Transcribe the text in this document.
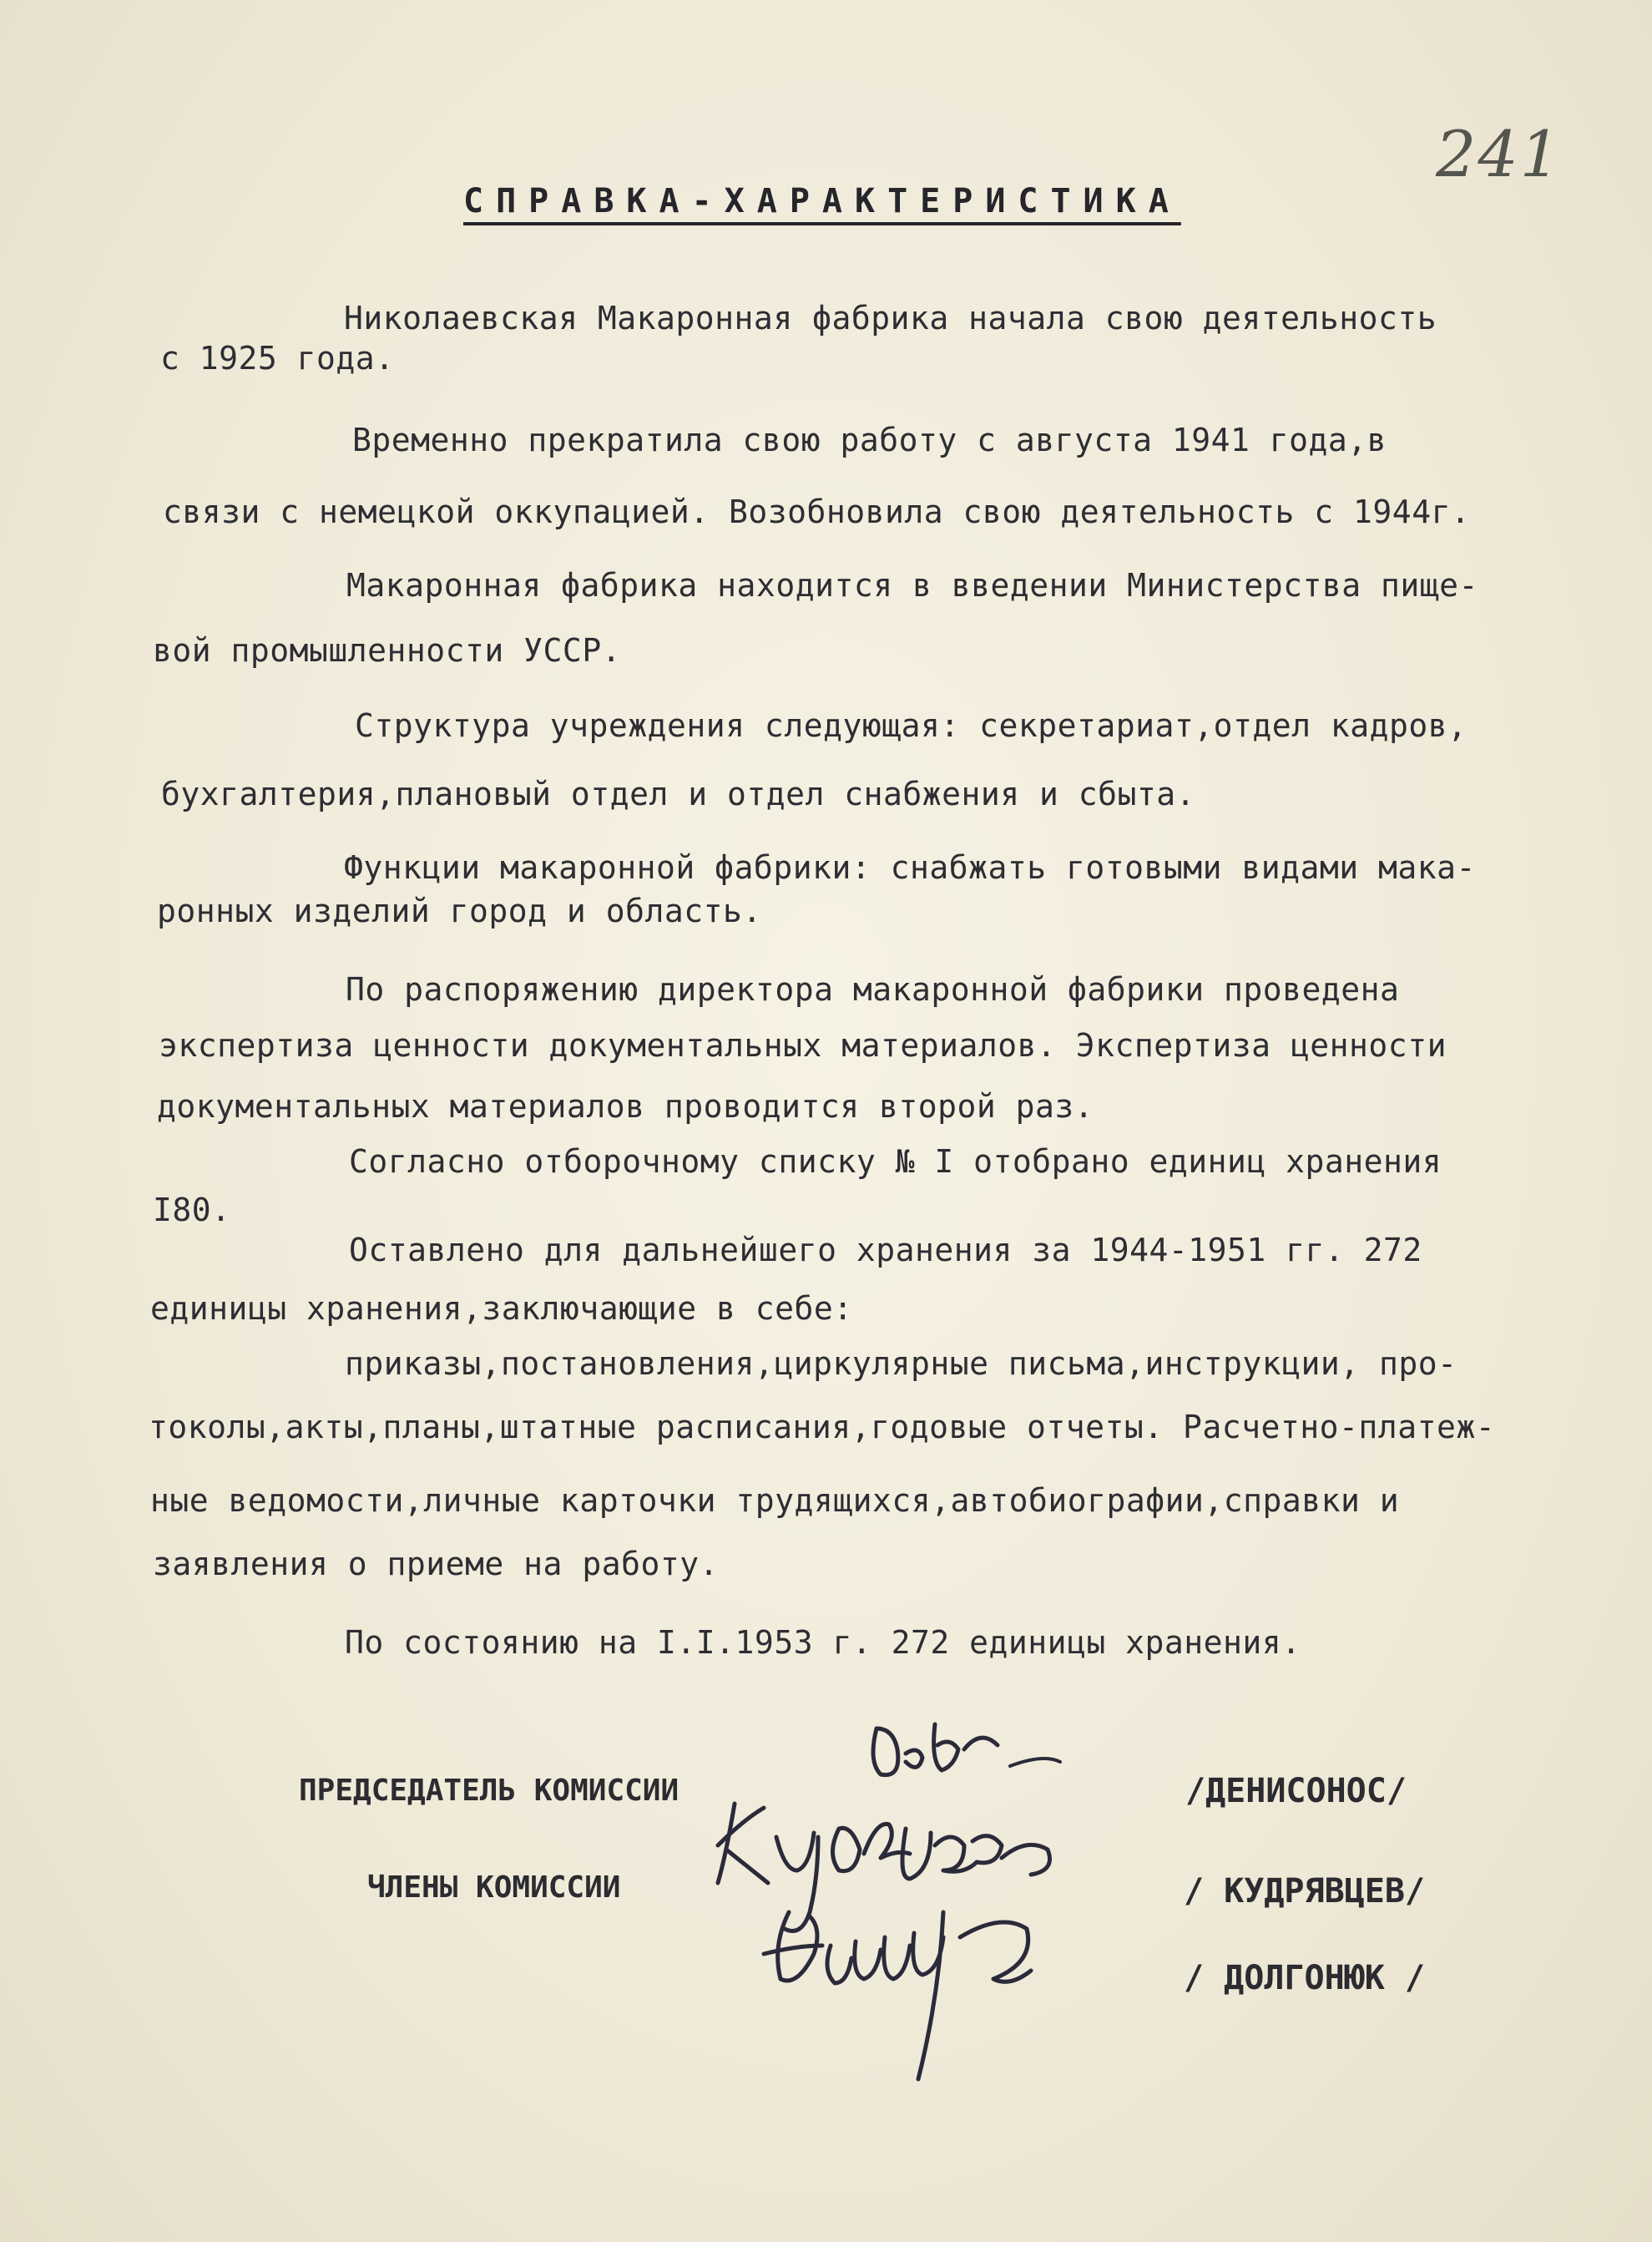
241
СПРАВКА-ХАРАКТЕРИСТИКА
Николаевская Макаронная фабрика начала свою деятельность
с 1925 года.
Временно прекратила свою работу с августа 1941 года,в
связи с немецкой оккупацией. Возобновила свою деятельность с 1944г.
Макаронная фабрика находится в введении Министерства пище-
вой промышленности УССР.
Структура учреждения следующая: секретариат,отдел кадров,
бухгалтерия,плановый отдел и отдел снабжения и сбыта.
Функции макаронной фабрики: снабжать готовыми видами мака-
ронных изделий город и область.
По распоряжению директора макаронной фабрики проведена
экспертиза ценности документальных материалов. Экспертиза ценности
документальных материалов проводится второй раз.
Согласно отборочному списку № I отобрано единиц хранения
I80.
Оставлено для дальнейшего хранения за 1944-1951 гг. 272
единицы хранения,заключающие в себе:
приказы,постановления,циркулярные письма,инструкции, про-
токолы,акты,планы,штатные расписания,годовые отчеты. Расчетно-платеж-
ные ведомости,личные карточки трудящихся,автобиографии,справки и
заявления о приеме на работу.
По состоянию на I.I.1953 г. 272 единицы хранения.
ПРЕДСЕДАТЕЛЬ КОМИССИИ	/ДЕНИСОНОС/
ЧЛЕНЫ КОМИССИИ	/ КУДРЯВЦЕВ/
/ ДОЛГОНЮК /
